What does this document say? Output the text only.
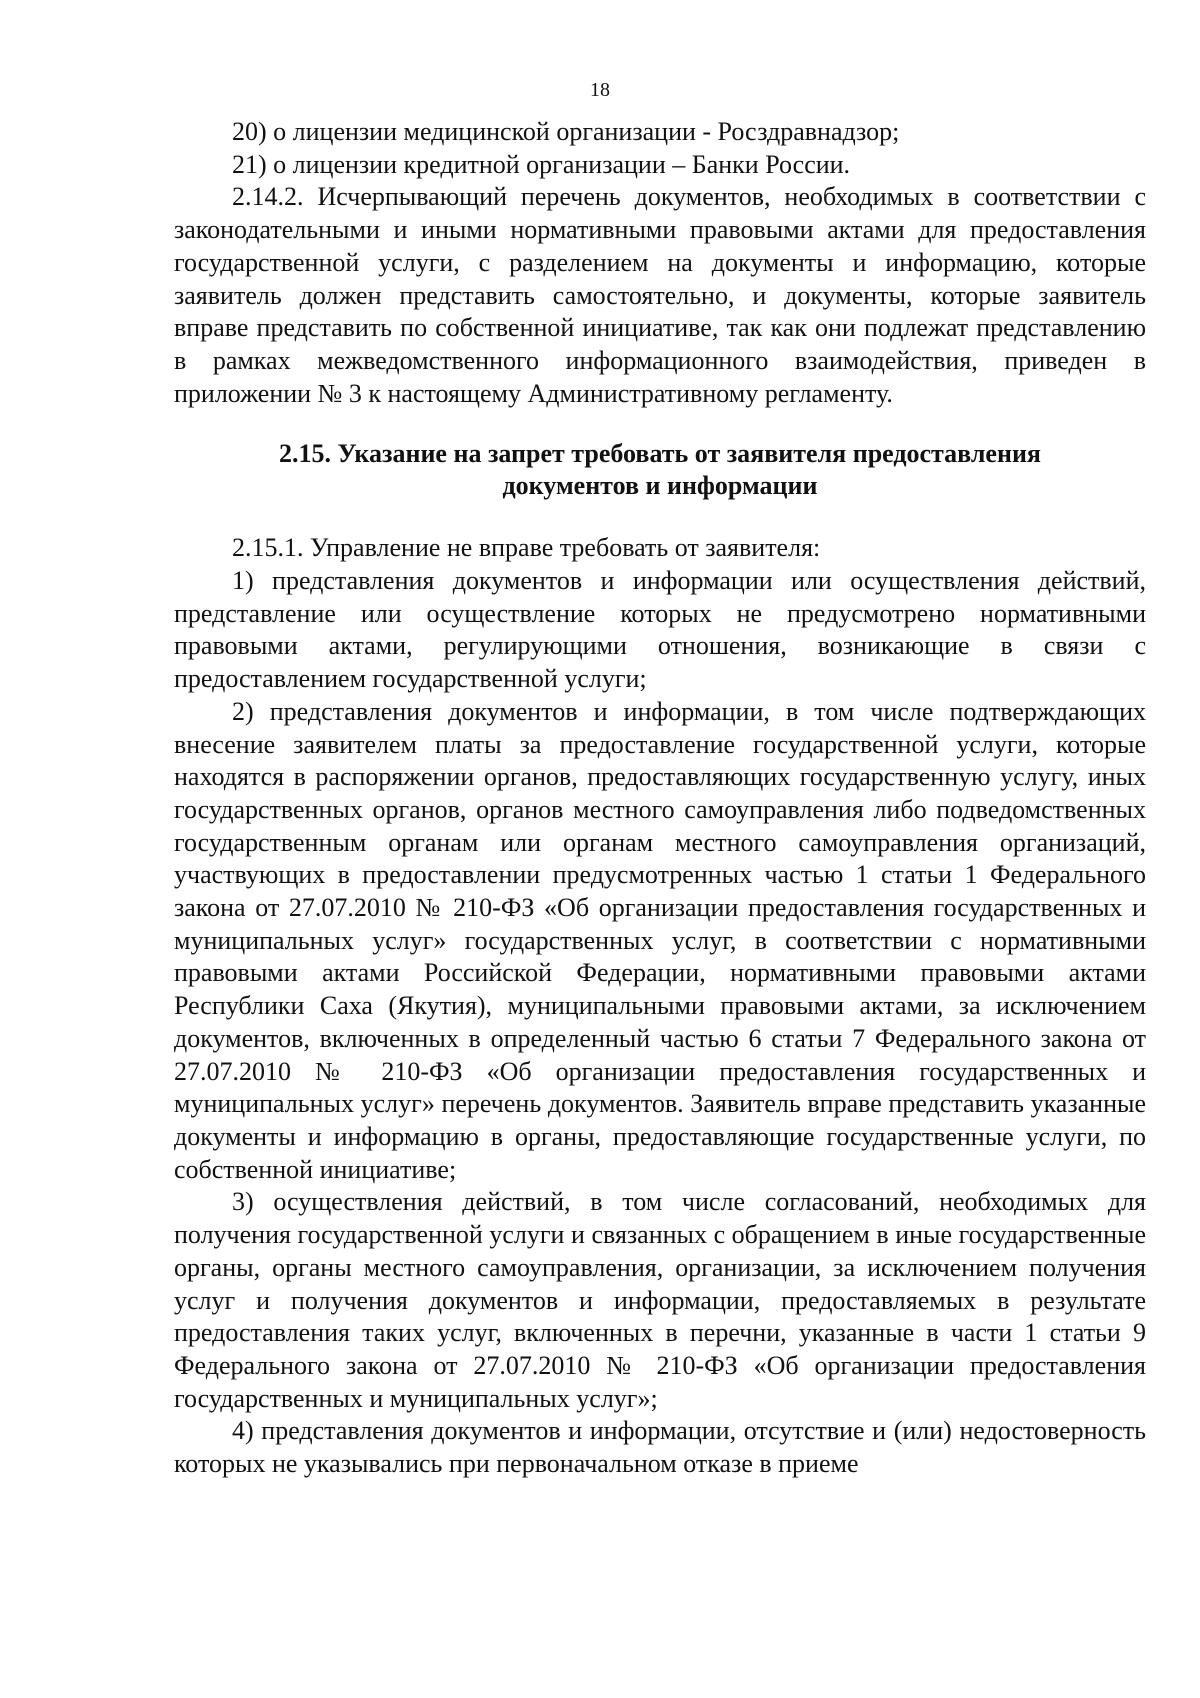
18

20) о лицензии медицинской организации - Росздравнадзор;

21) о лицензии кредитной организации – Банки России.

2.14.2. Исчерпывающий перечень документов, необходимых в соответствии с законодательными и иными нормативными правовыми актами для предоставления государственной услуги, с разделением на документы и информацию, которые заявитель должен представить самостоятельно, и документы, которые заявитель вправе представить по собственной инициативе, так как они подлежат представлению в рамках межведомственного информационного взаимодействия, приведен в приложении № 3 к настоящему Административному регламенту.

2.15. Указание на запрет требовать от заявителя предоставления
документов и информации

2.15.1. Управление не вправе требовать от заявителя:

1) представления документов и информации или осуществления действий, представление или осуществление которых не предусмотрено нормативными правовыми актами, регулирующими отношения, возникающие в связи с предоставлением государственной услуги;

2) представления документов и информации, в том числе подтверждающих внесение заявителем платы за предоставление государственной услуги, которые находятся в распоряжении органов, предоставляющих государственную услугу, иных государственных органов, органов местного самоуправления либо подведомственных государственным органам или органам местного самоуправления организаций, участвующих в предоставлении предусмотренных частью 1 статьи 1 Федерального закона от 27.07.2010 № 210-ФЗ «Об организации предоставления государственных и муниципальных услуг» государственных услуг, в соответствии с нормативными правовыми актами Российской Федерации, нормативными правовыми актами Республики Саха (Якутия), муниципальными правовыми актами, за исключением документов, включенных в определенный частью 6 статьи 7 Федерального закона от 27.07.2010 № 210-ФЗ «Об организации предоставления государственных и муниципальных услуг» перечень документов. Заявитель вправе представить указанные документы и информацию в органы, предоставляющие государственные услуги, по собственной инициативе;

3) осуществления действий, в том числе согласований, необходимых для получения государственной услуги и связанных с обращением в иные государственные органы, органы местного самоуправления, организации, за исключением получения услуг и получения документов и информации, предоставляемых в результате предоставления таких услуг, включенных в перечни, указанные в части 1 статьи 9 Федерального закона от 27.07.2010 № 210-ФЗ «Об организации предоставления государственных и муниципальных услуг»;

4) представления документов и информации, отсутствие и (или) недостоверность которых не указывались при первоначальном отказе в приеме
